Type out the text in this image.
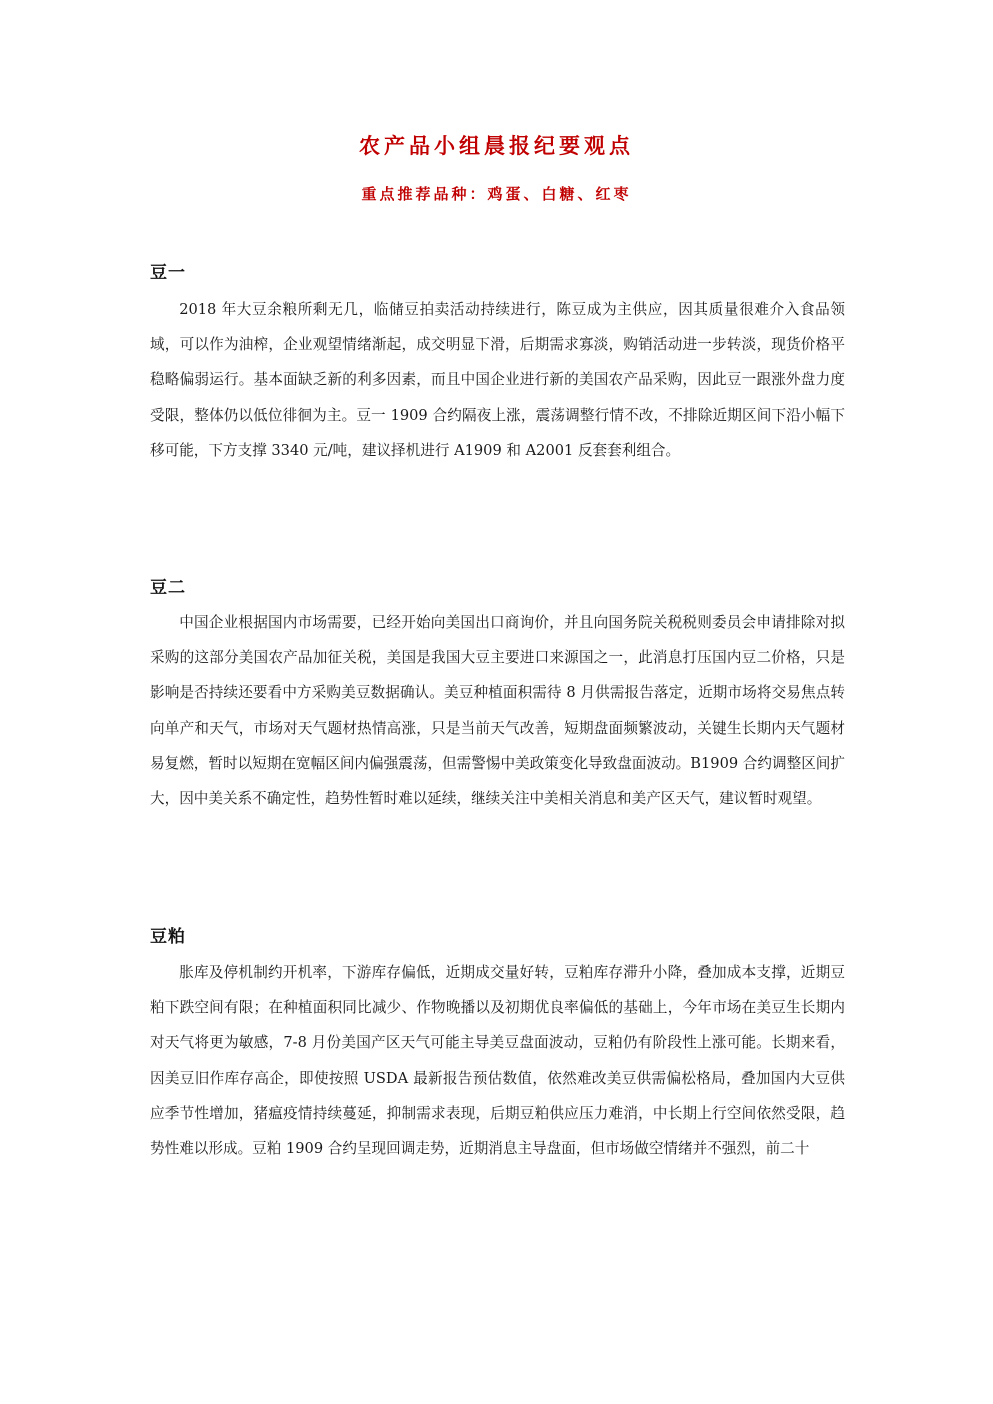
农产品小组晨报纪要观点
重点推荐品种：鸡蛋、白糖、红枣
豆一

2018 年大豆余粮所剩无几，临储豆拍卖活动持续进行，陈豆成为主供应，因其质量很难介入食品领域，可以作为油榨，企业观望情绪渐起，成交明显下滑，后期需求寡淡，购销活动进一步转淡，现货价格平稳略偏弱运行。基本面缺乏新的利多因素，而且中国企业进行新的美国农产品采购，因此豆一跟涨外盘力度受限，整体仍以低位徘徊为主。豆一 1909 合约隔夜上涨，震荡调整行情不改，不排除近期区间下沿小幅下移可能，下方支撑 3340 元/吨，建议择机进行 A1909 和 A2001 反套套利组合。

豆二

中国企业根据国内市场需要，已经开始向美国出口商询价，并且向国务院关税税则委员会申请排除对拟采购的这部分美国农产品加征关税，美国是我国大豆主要进口来源国之一，此消息打压国内豆二价格，只是影响是否持续还要看中方采购美豆数据确认。美豆种植面积需待 8 月供需报告落定，近期市场将交易焦点转向单产和天气，市场对天气题材热情高涨，只是当前天气改善，短期盘面频繁波动，关键生长期内天气题材易复燃，暂时以短期在宽幅区间内偏强震荡，但需警惕中美政策变化导致盘面波动。B1909 合约调整区间扩大，因中美关系不确定性，趋势性暂时难以延续，继续关注中美相关消息和美产区天气，建议暂时观望。

豆粕

胀库及停机制约开机率，下游库存偏低，近期成交量好转，豆粕库存滞升小降，叠加成本支撑，近期豆粕下跌空间有限；在种植面积同比减少、作物晚播以及初期优良率偏低的基础上，今年市场在美豆生长期内对天气将更为敏感，7-8 月份美国产区天气可能主导美豆盘面波动，豆粕仍有阶段性上涨可能。长期来看，因美豆旧作库存高企，即使按照 USDA 最新报告预估数值，依然难改美豆供需偏松格局，叠加国内大豆供应季节性增加，猪瘟疫情持续蔓延，抑制需求表现，后期豆粕供应压力难消，中长期上行空间依然受限，趋势性难以形成。豆粕 1909 合约呈现回调走势，近期消息主导盘面，但市场做空情绪并不强烈，前二十
